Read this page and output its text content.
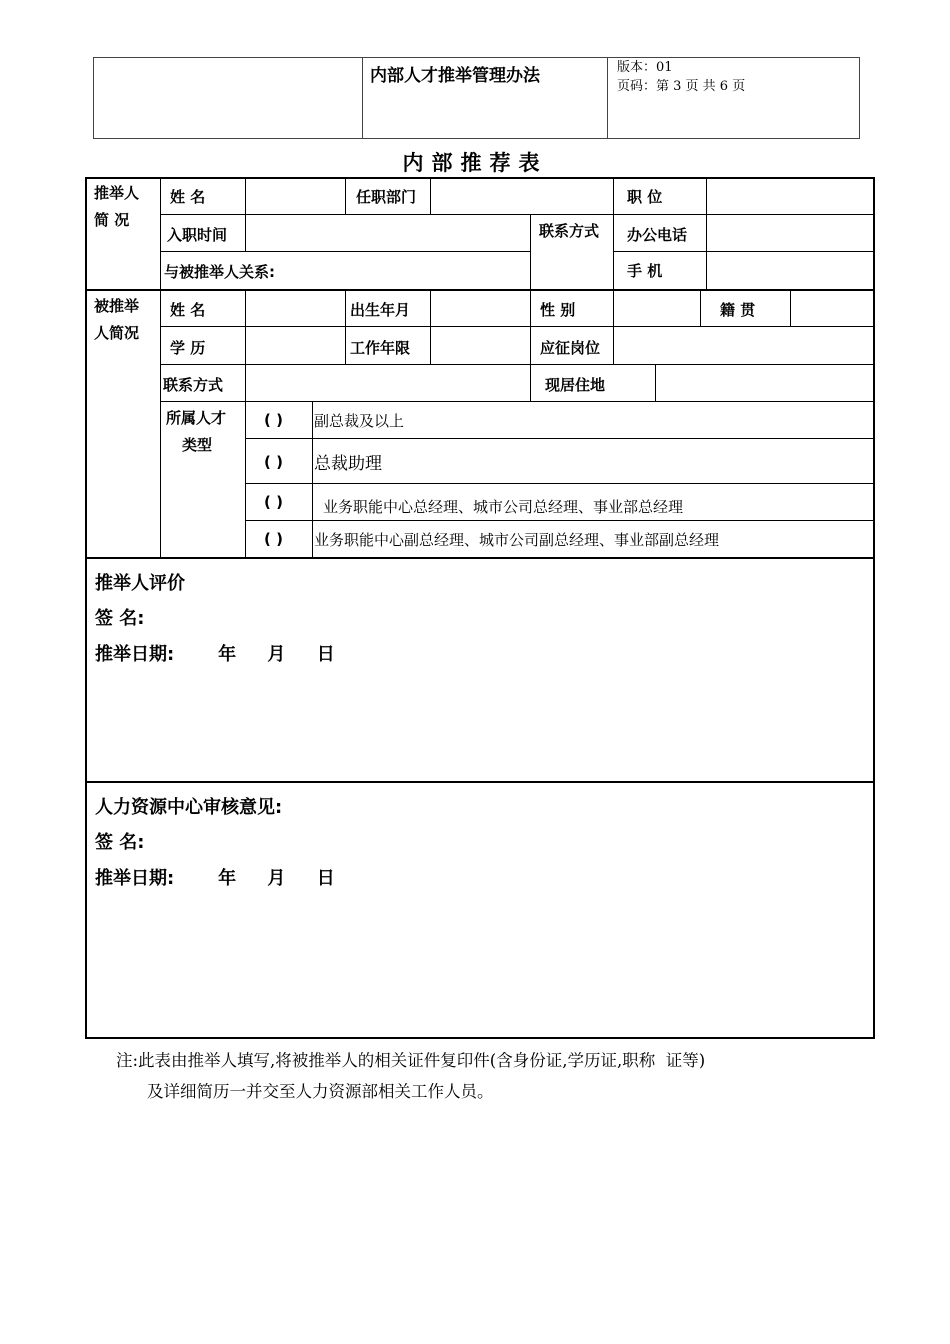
内部人才推举管理办法	版本：01
页码：第 3 页 共 6 页
内部推荐表
推举人
简 况
姓 名	任职部门	职 位
入职时间	联系方式 办公电话
与被推举人关系:	手 机
被推举
人简况
姓 名	出生年月	性 别	籍 贯
学 历	工作年限	应征岗位
联系方式	现居住地
所属人才
类型
( ) 副总裁及以上
( ) 总裁助理
( )	业务职能中心总经理、城市公司总经理、事业部总经理
( ) 业务职能中心副总经理、城市公司副总经理、事业部副总经理
推举人评价
签 名:
推举日期:       年     月     日
人力资源中心审核意见:
签 名:
推举日期:       年     月     日
注:此表由推举人填写,将被推举人的相关证件复印件(含身份证,学历证,职称  证等)
及详细简历一并交至人力资源部相关工作人员。
